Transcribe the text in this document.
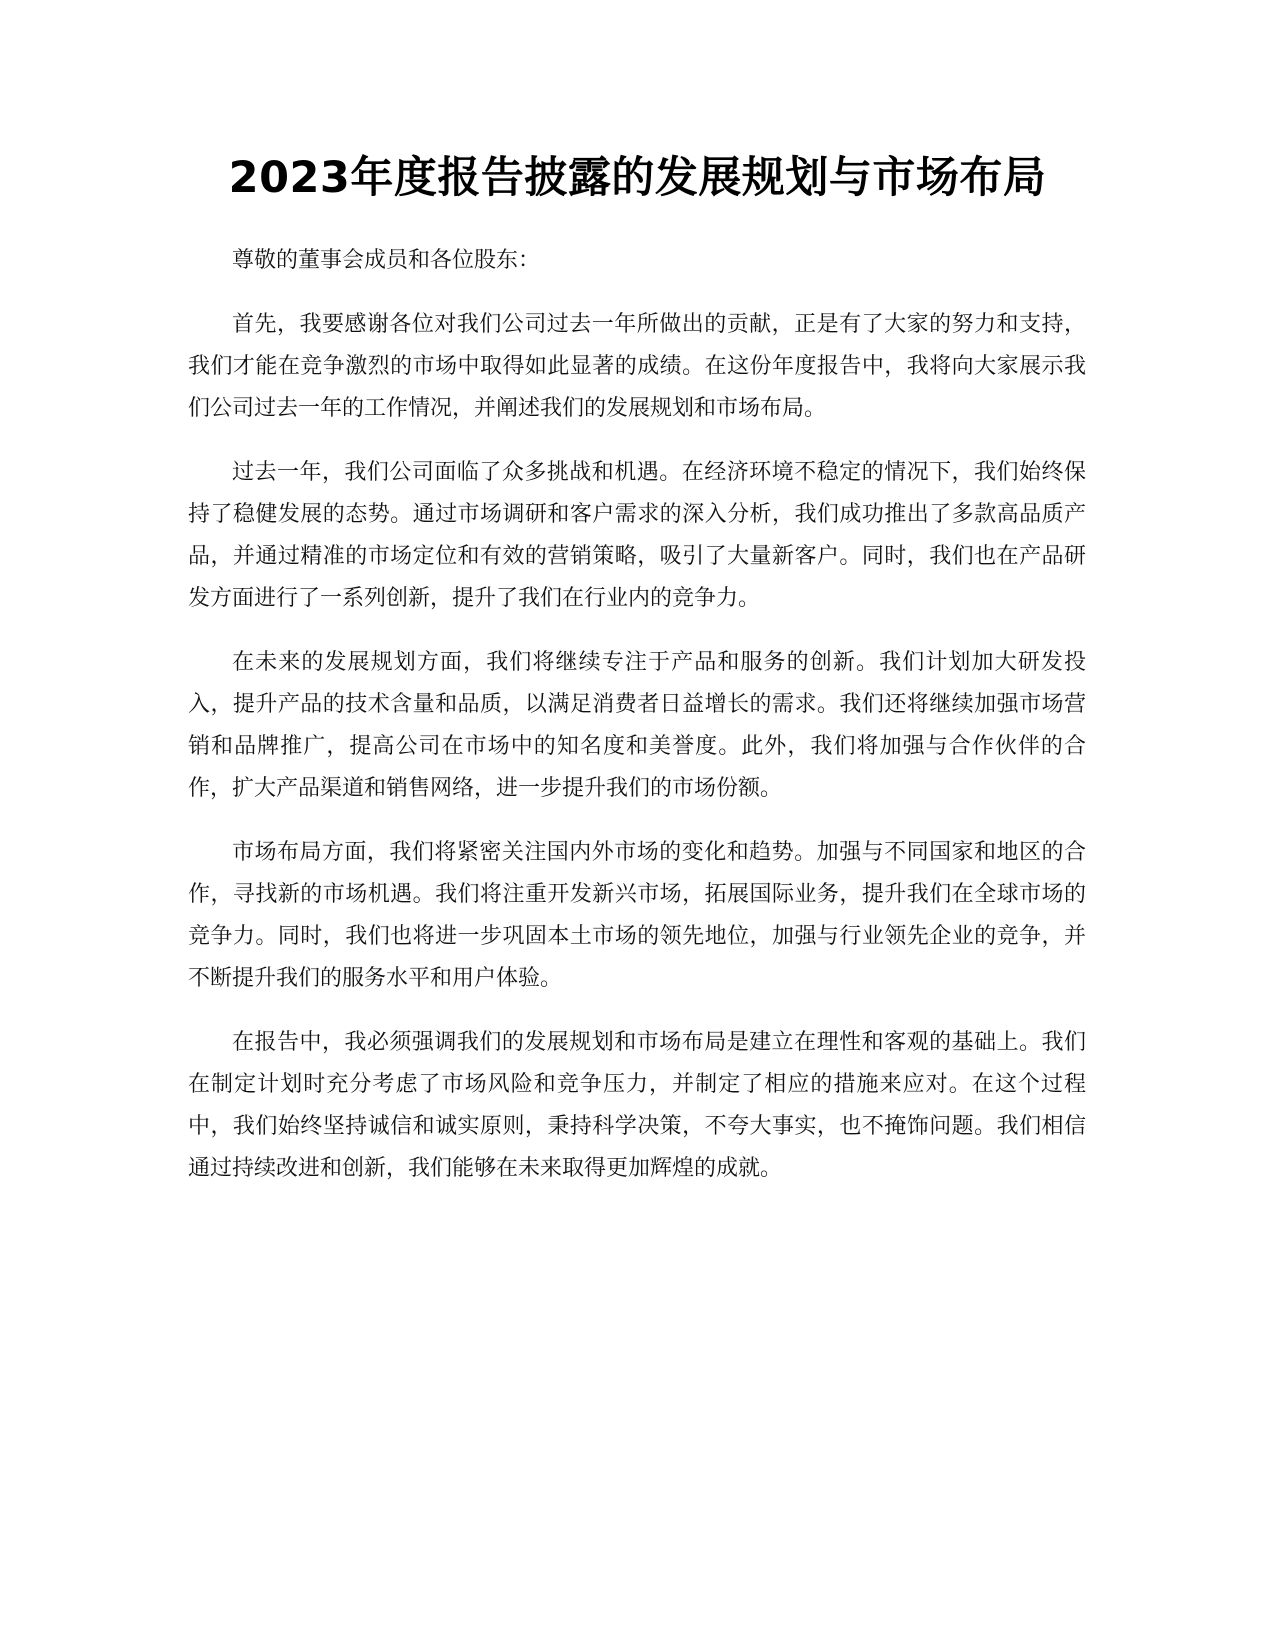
2023年度报告披露的发展规划与市场布局

尊敬的董事会成员和各位股东：

首先，我要感谢各位对我们公司过去一年所做出的贡献，正是有了大家的努力和支持，我们才能在竞争激烈的市场中取得如此显著的成绩。在这份年度报告中，我将向大家展示我们公司过去一年的工作情况，并阐述我们的发展规划和市场布局。

过去一年，我们公司面临了众多挑战和机遇。在经济环境不稳定的情况下，我们始终保持了稳健发展的态势。通过市场调研和客户需求的深入分析，我们成功推出了多款高品质产品，并通过精准的市场定位和有效的营销策略，吸引了大量新客户。同时，我们也在产品研发方面进行了一系列创新，提升了我们在行业内的竞争力。

在未来的发展规划方面，我们将继续专注于产品和服务的创新。我们计划加大研发投入，提升产品的技术含量和品质，以满足消费者日益增长的需求。我们还将继续加强市场营销和品牌推广，提高公司在市场中的知名度和美誉度。此外，我们将加强与合作伙伴的合作，扩大产品渠道和销售网络，进一步提升我们的市场份额。

市场布局方面，我们将紧密关注国内外市场的变化和趋势。加强与不同国家和地区的合作，寻找新的市场机遇。我们将注重开发新兴市场，拓展国际业务，提升我们在全球市场的竞争力。同时，我们也将进一步巩固本土市场的领先地位，加强与行业领先企业的竞争，并不断提升我们的服务水平和用户体验。

在报告中，我必须强调我们的发展规划和市场布局是建立在理性和客观的基础上。我们在制定计划时充分考虑了市场风险和竞争压力，并制定了相应的措施来应对。在这个过程中，我们始终坚持诚信和诚实原则，秉持科学决策，不夸大事实，也不掩饰问题。我们相信通过持续改进和创新，我们能够在未来取得更加辉煌的成就。
